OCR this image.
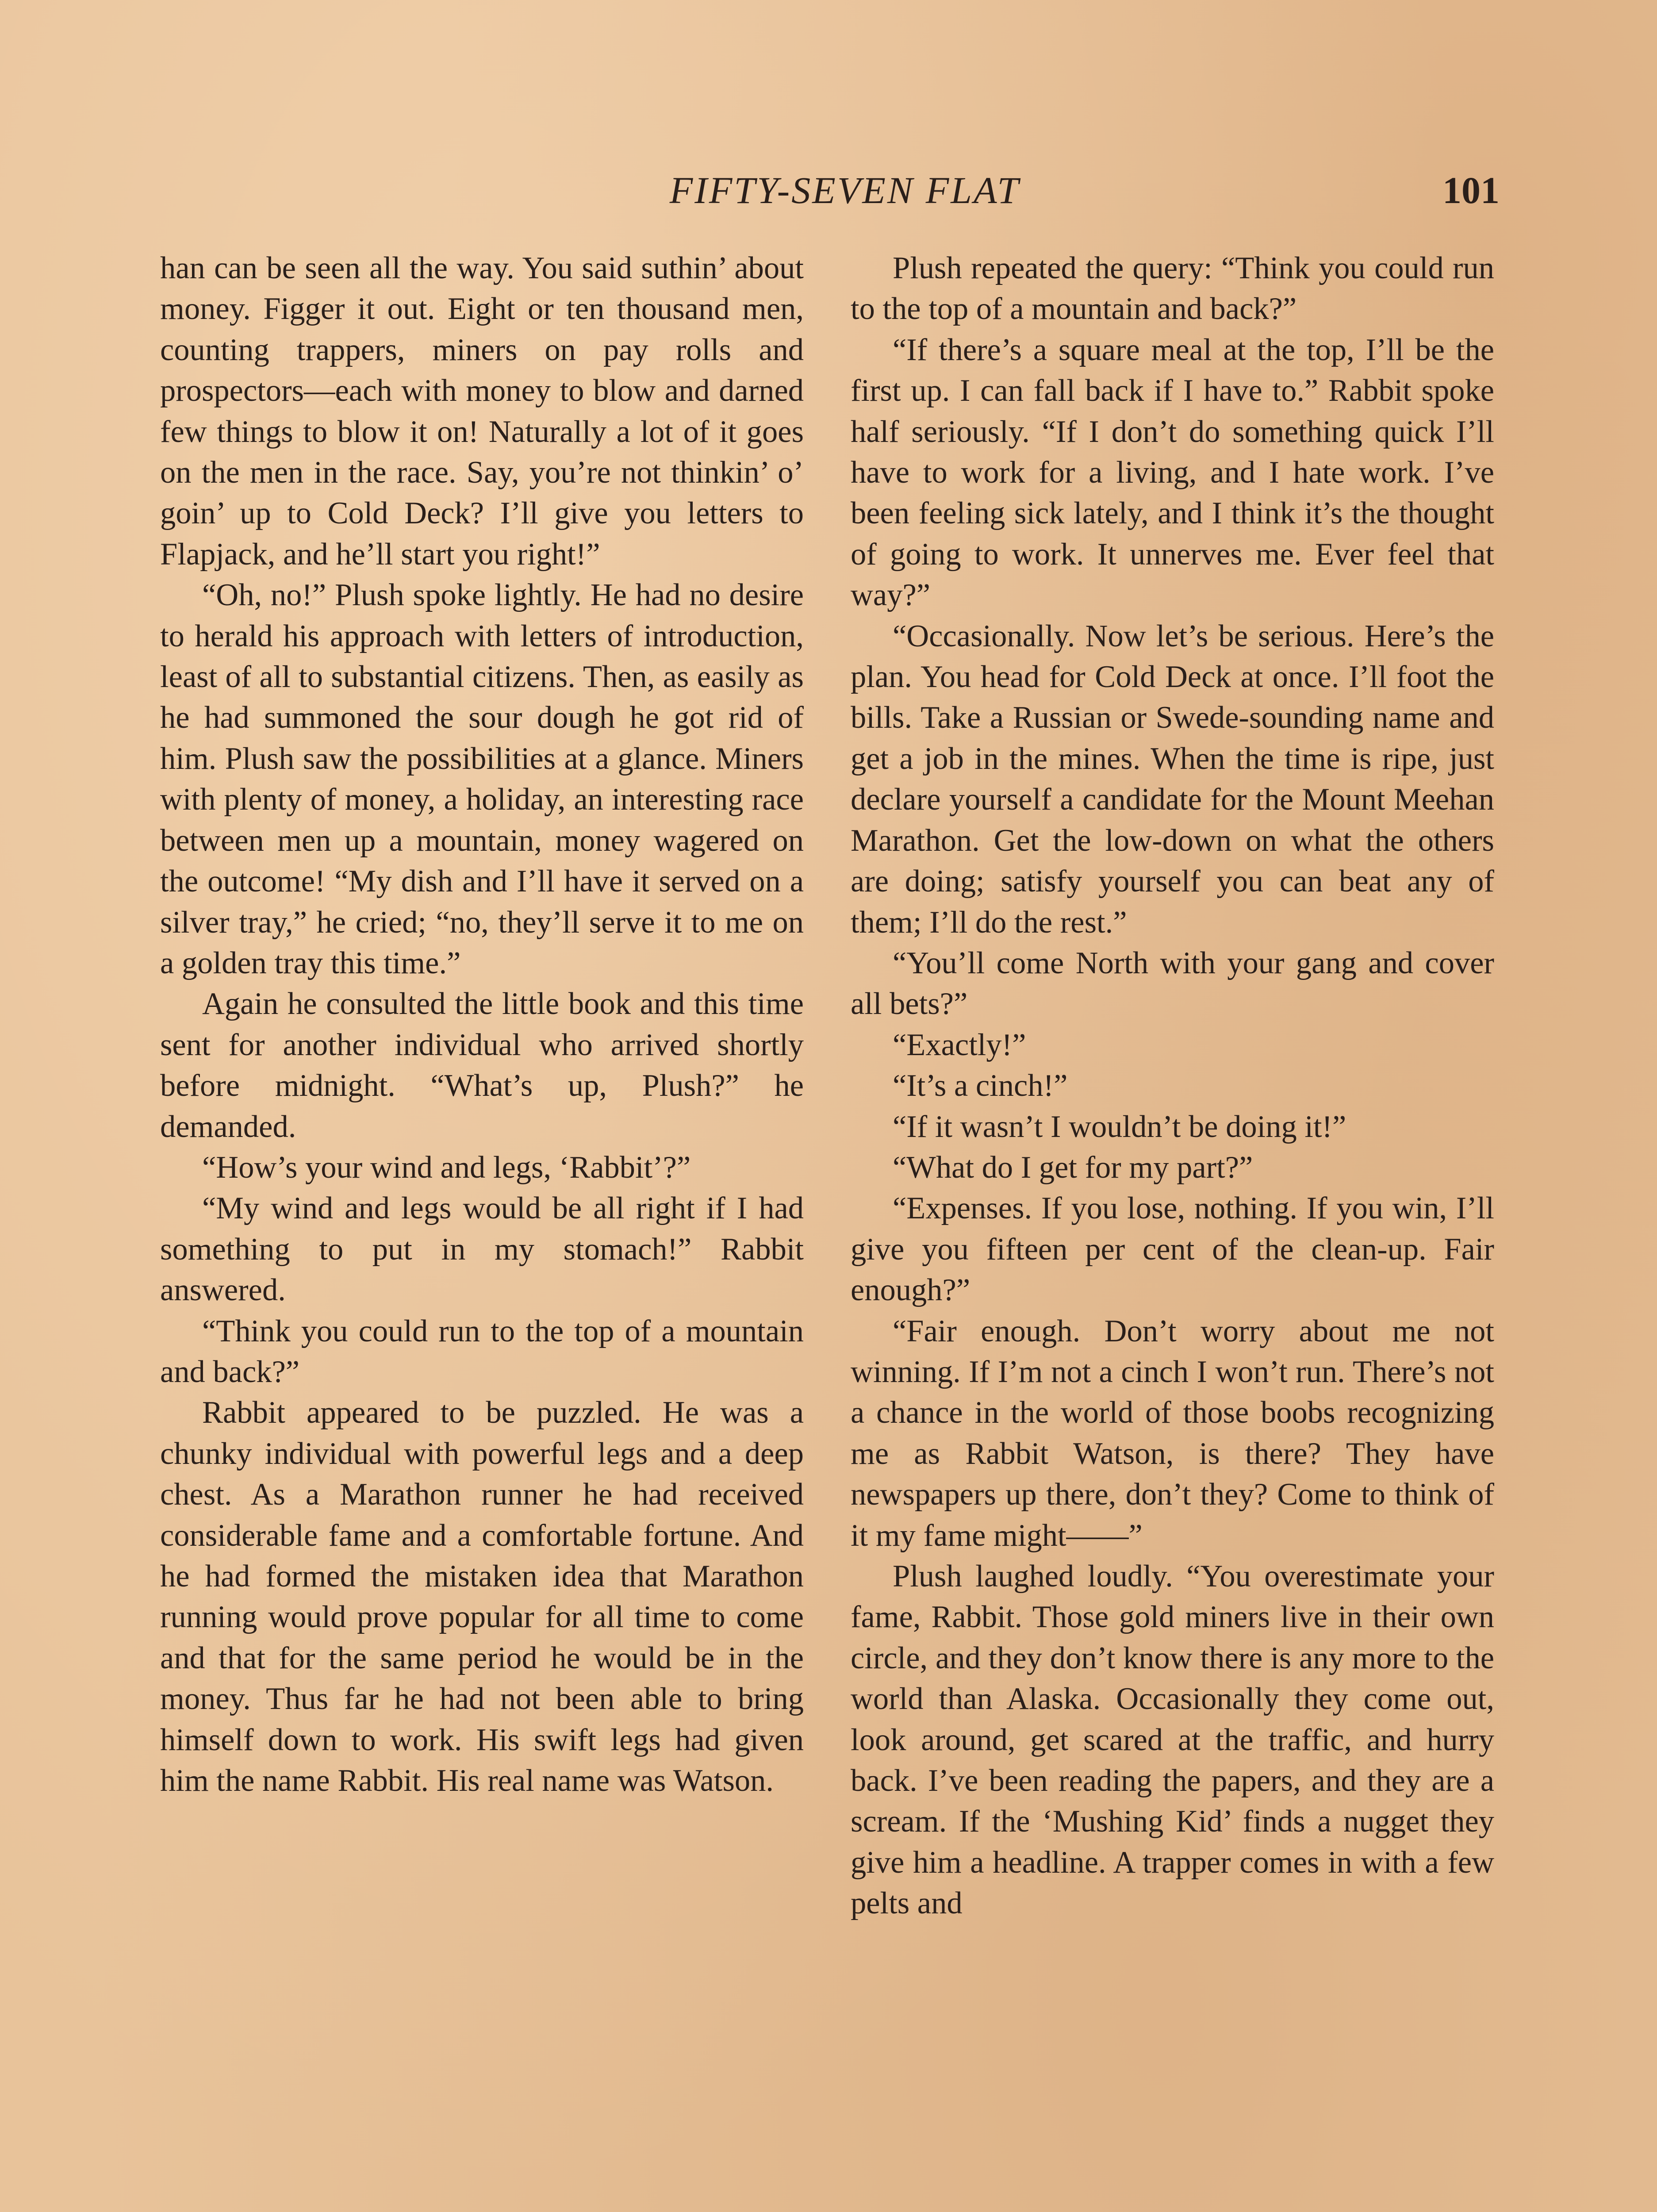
FIFTY-SEVEN FLAT	101

han can be seen all the way. You said suthin’ about money. Figger it out. Eight or ten thousand men, counting trappers, miners on pay rolls and prospectors—each with money to blow and darned few things to blow it on! Naturally a lot of it goes on the men in the race. Say, you’re not thinkin’ o’ goin’ up to Cold Deck? I’ll give you letters to Flapjack, and he’ll start you right!”

“Oh, no!” Plush spoke lightly. He had no desire to herald his approach with letters of introduction, least of all to substantial citizens. Then, as easily as he had summoned the sour dough he got rid of him. Plush saw the possibilities at a glance. Miners with plenty of money, a holiday, an interesting race between men up a mountain, money wagered on the outcome! “My dish and I’ll have it served on a silver tray,” he cried; “no, they’ll serve it to me on a golden tray this time.”

Again he consulted the little book and this time sent for another individual who arrived shortly before midnight. “What’s up, Plush?” he demanded.

“How’s your wind and legs, ‘Rabbit’?”

“My wind and legs would be all right if I had something to put in my stomach!” Rabbit answered.

“Think you could run to the top of a mountain and back?”

Rabbit appeared to be puzzled. He was a chunky individual with powerful legs and a deep chest. As a Marathon runner he had received considerable fame and a comfortable fortune. And he had formed the mistaken idea that Marathon running would prove popular for all time to come and that for the same period he would be in the money. Thus far he had not been able to bring himself down to work. His swift legs had given him the name Rabbit. His real name was Watson.

Plush repeated the query: “Think you could run to the top of a mountain and back?”

“If there’s a square meal at the top, I’ll be the first up. I can fall back if I have to.” Rabbit spoke half seriously. “If I don’t do something quick I’ll have to work for a living, and I hate work. I’ve been feeling sick lately, and I think it’s the thought of going to work. It unnerves me. Ever feel that way?”

“Occasionally. Now let’s be serious. Here’s the plan. You head for Cold Deck at once. I’ll foot the bills. Take a Russian or Swede-sounding name and get a job in the mines. When the time is ripe, just declare yourself a candidate for the Mount Meehan Marathon. Get the low-down on what the others are doing; satisfy yourself you can beat any of them; I’ll do the rest.”

“You’ll come North with your gang and cover all bets?”

“Exactly!”

“It’s a cinch!”

“If it wasn’t I wouldn’t be doing it!”

“What do I get for my part?”

“Expenses. If you lose, nothing. If you win, I’ll give you fifteen per cent of the clean-up. Fair enough?”

“Fair enough. Don’t worry about me not winning. If I’m not a cinch I won’t run. There’s not a chance in the world of those boobs recognizing me as Rabbit Watson, is there? They have newspapers up there, don’t they? Come to think of it my fame might——”

Plush laughed loudly. “You overestimate your fame, Rabbit. Those gold miners live in their own circle, and they don’t know there is any more to the world than Alaska. Occasionally they come out, look around, get scared at the traffic, and hurry back. I’ve been reading the papers, and they are a scream. If the ‘Mushing Kid’ finds a nugget they give him a headline. A trapper comes in with a few pelts and
